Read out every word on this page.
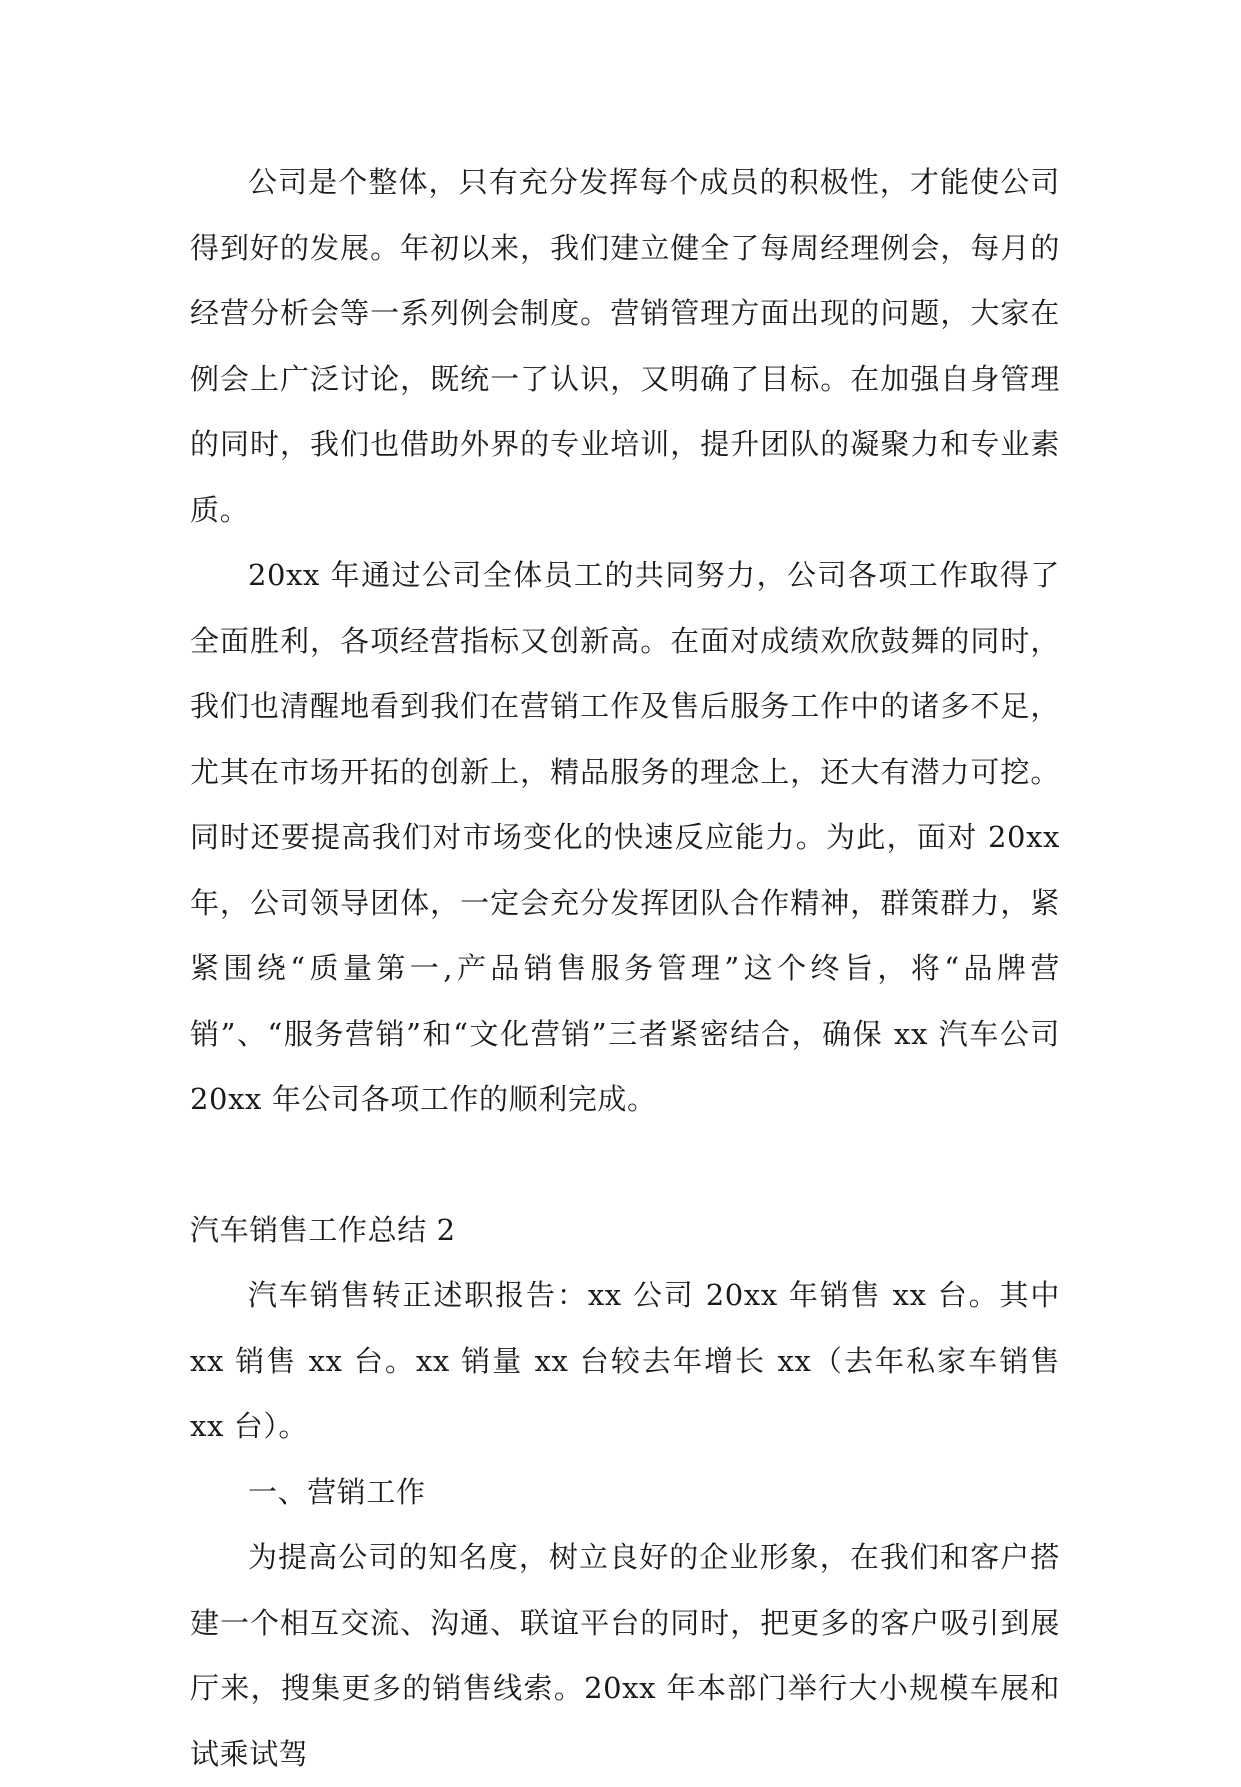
公司是个整体，只有充分发挥每个成员的积极性，才能使公司得到好的发展。年初以来，我们建立健全了每周经理例会，每月的经营分析会等一系列例会制度。营销管理方面出现的问题，大家在例会上广泛讨论，既统一了认识，又明确了目标。在加强自身管理的同时，我们也借助外界的专业培训，提升团队的凝聚力和专业素质。

20xx 年通过公司全体员工的共同努力，公司各项工作取得了全面胜利，各项经营指标又创新高。在面对成绩欢欣鼓舞的同时，我们也清醒地看到我们在营销工作及售后服务工作中的诸多不足，尤其在市场开拓的创新上，精品服务的理念上，还大有潜力可挖。同时还要提高我们对市场变化的快速反应能力。为此，面对 20xx 年，公司领导团体，一定会充分发挥团队合作精神，群策群力，紧紧围绕“质量第一,产品销售服务管理”这个终旨，将“品牌营销”、“服务营销”和“文化营销”三者紧密结合，确保 xx 汽车公司 20xx 年公司各项工作的顺利完成。

汽车销售工作总结 2

汽车销售转正述职报告：xx 公司 20xx 年销售 xx 台。其中 xx 销售 xx 台。xx 销量 xx 台较去年增长 xx（去年私家车销售 xx 台）。

一、营销工作

为提高公司的知名度，树立良好的企业形象，在我们和客户搭建一个相互交流、沟通、联谊平台的同时，把更多的客户吸引到展厅来，搜集更多的销售线索。20xx 年本部门举行大小规模车展和试乘试驾
